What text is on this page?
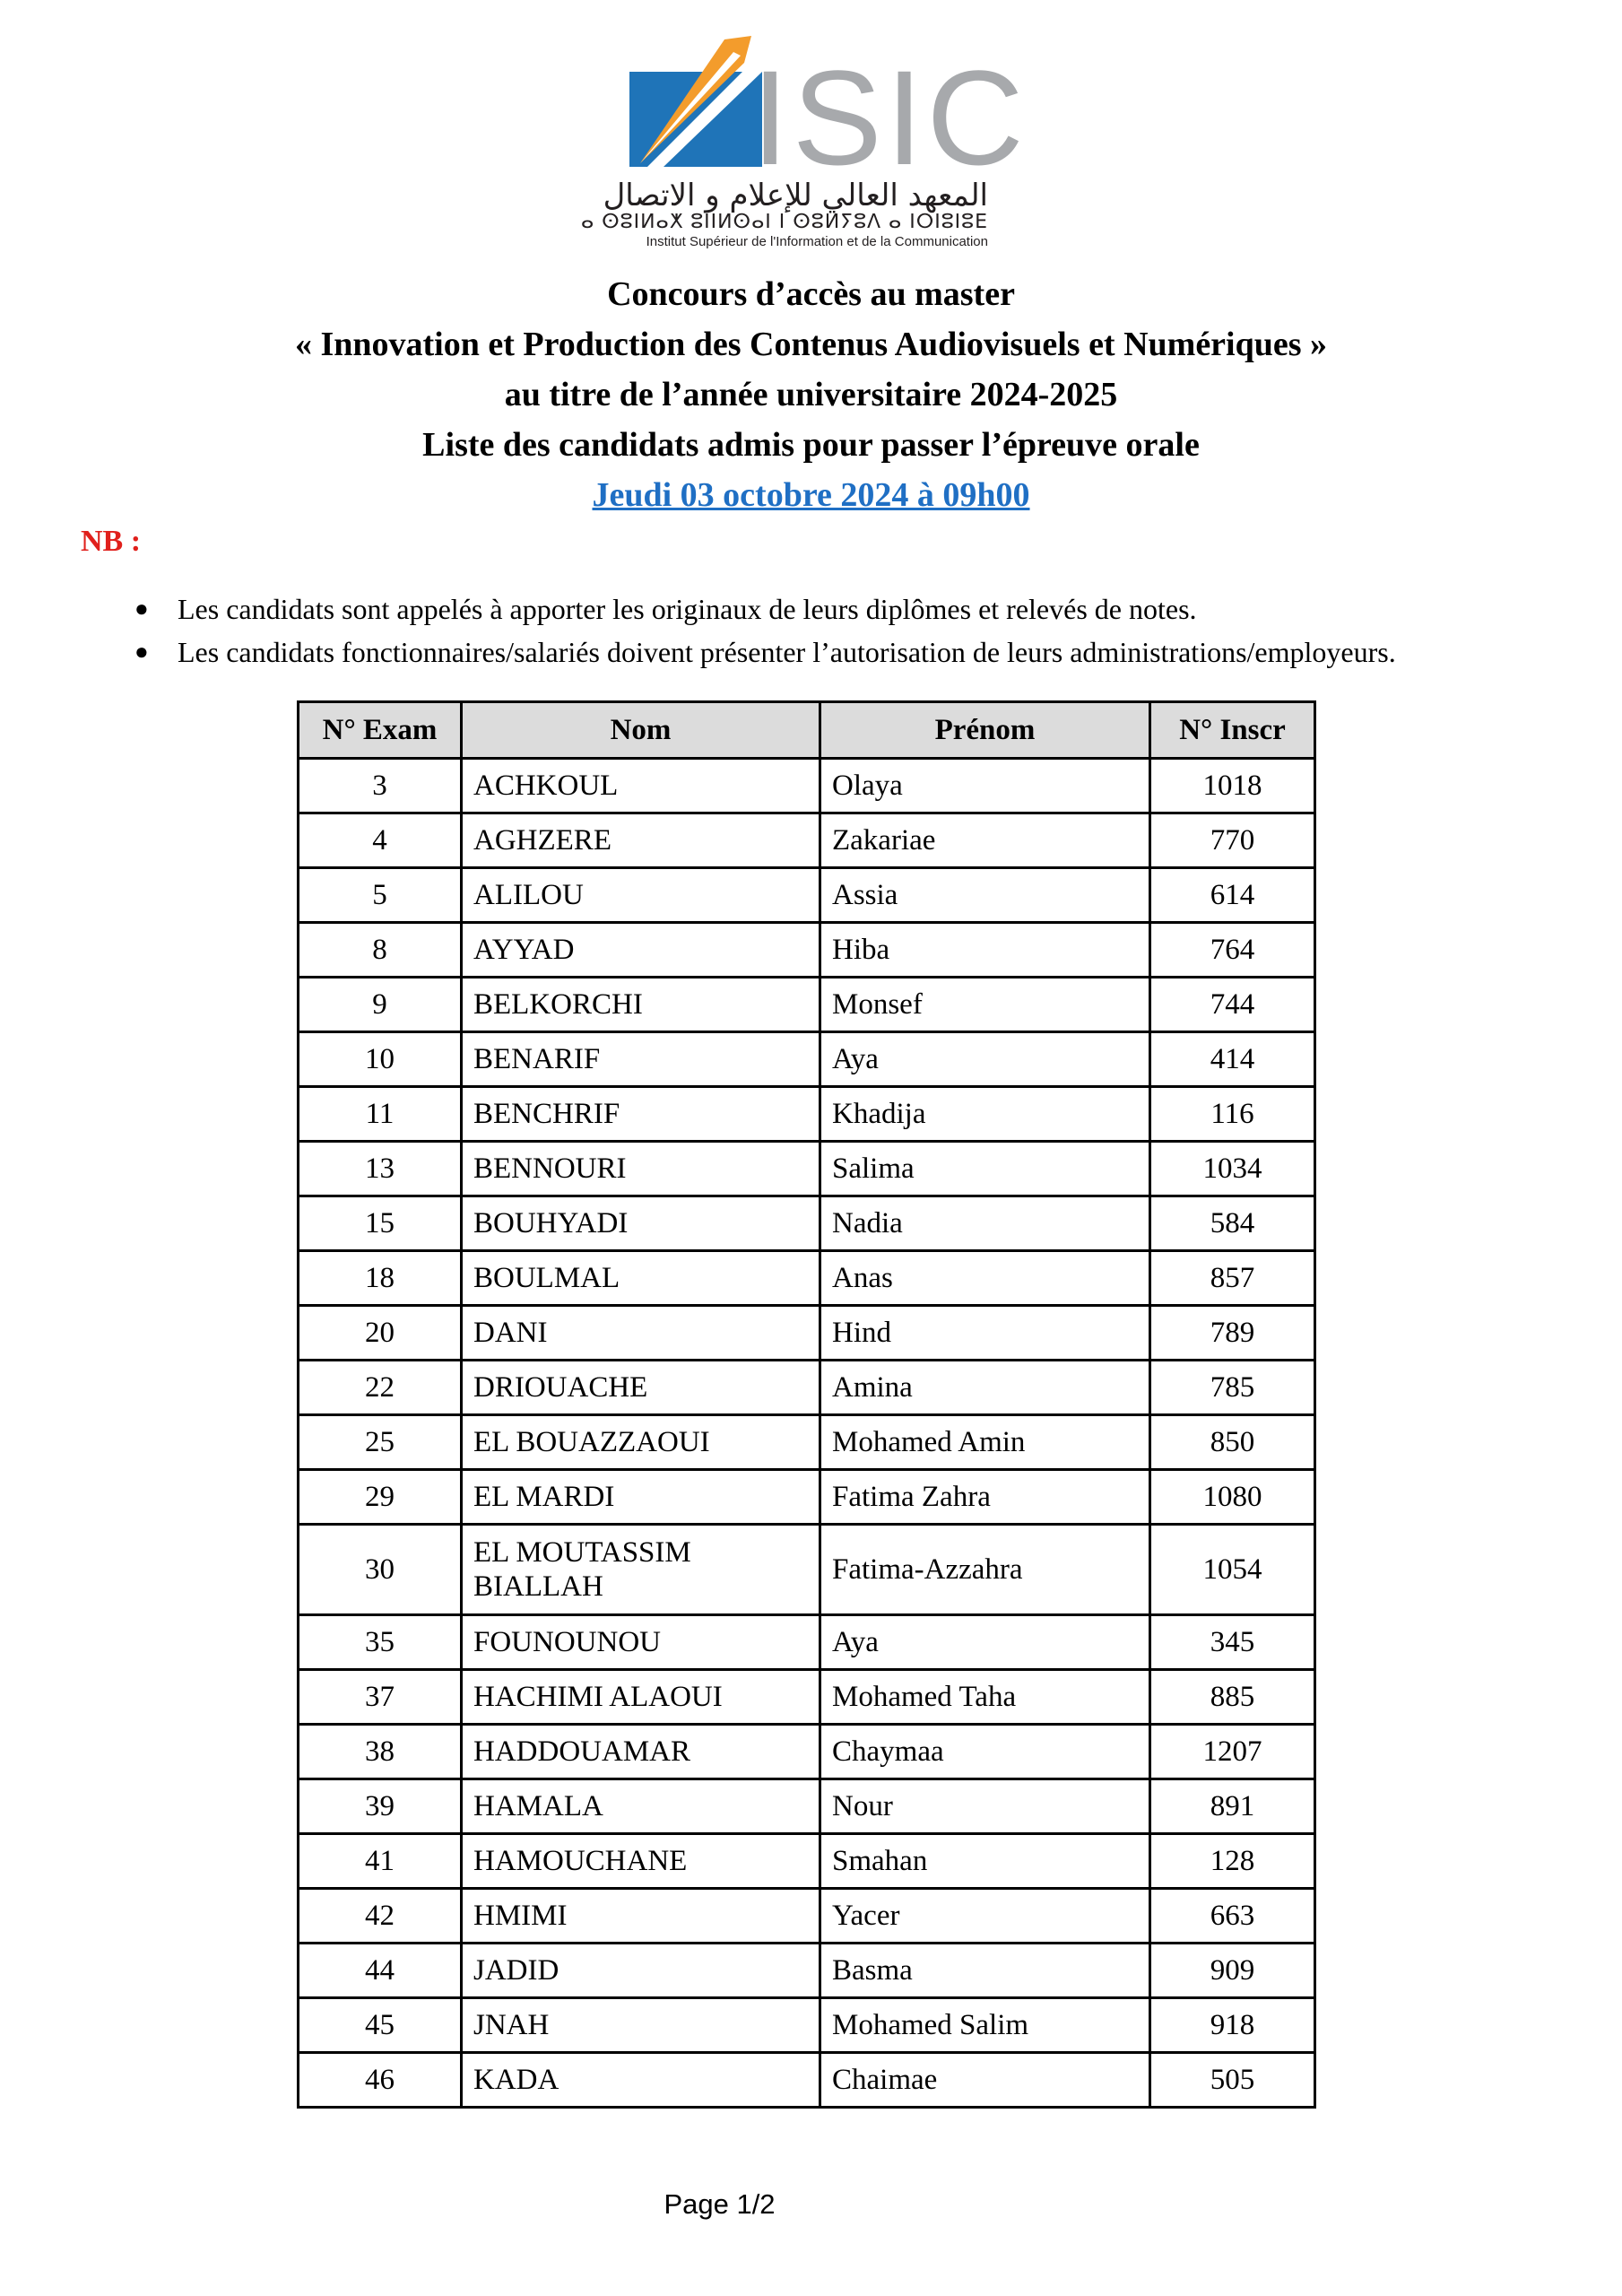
ISIC
المعهد العالي للإعلام و الاتصال
ⴰ ⵙⵓⵏⵍⴰⵅ ⵓⵏⵏⵍⵙⴰⵏ ⵏ ⵙⵓⵍⵢⵓⴷ ⴰ ⵏⵔⵏⵓⵏⵓⴹ
Institut Supérieur de l'Information et de la Communication
Concours d’accès au master
« Innovation et Production des Contenus Audiovisuels et Numériques »
au titre de l’année universitaire 2024-2025
Liste des candidats admis pour passer l’épreuve orale
Jeudi 03 octobre 2024 à 09h00
NB :
● Les candidats sont appelés à apporter les originaux de leurs diplômes et relevés de notes.
● Les candidats fonctionnaires/salariés doivent présenter l’autorisation de leurs administrations/employeurs.
N° Exam	Nom	Prénom	N° Inscr
3	ACHKOUL	Olaya	1018
4	AGHZERE	Zakariae	770
5	ALILOU	Assia	614
8	AYYAD	Hiba	764
9	BELKORCHI	Monsef	744
10	BENARIF	Aya	414
11	BENCHRIF	Khadija	116
13	BENNOURI	Salima	1034
15	BOUHYADI	Nadia	584
18	BOULMAL	Anas	857
20	DANI	Hind	789
22	DRIOUACHE	Amina	785
25	EL BOUAZZAOUI	Mohamed Amin	850
29	EL MARDI	Fatima Zahra	1080
30	EL MOUTASSIM BIALLAH	Fatima-Azzahra	1054
35	FOUNOUNOU	Aya	345
37	HACHIMI ALAOUI	Mohamed Taha	885
38	HADDOUAMAR	Chaymaa	1207
39	HAMALA	Nour	891
41	HAMOUCHANE	Smahan	128
42	HMIMI	Yacer	663
44	JADID	Basma	909
45	JNAH	Mohamed Salim	918
46	KADA	Chaimae	505
Page 1/2
